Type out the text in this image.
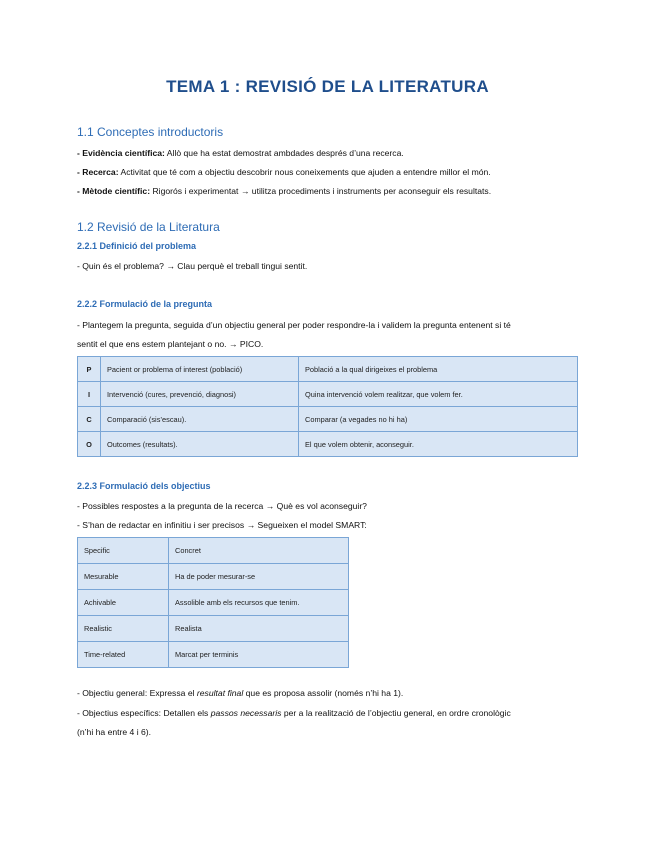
TEMA 1 : REVISIÓ DE LA LITERATURA
1.1 Conceptes introductoris
- Evidència científica: Allò que ha estat demostrat ambdades després d’una recerca.
- Recerca: Activitat que té com a objectiu descobrir nous coneixements que ajuden a entendre millor el món.
- Mètode científic: Rigorós i experimentat → utilitza procediments i instruments per aconseguir els resultats.
1.2 Revisió de la Literatura
2.2.1 Definició del problema
- Quin és el problema? → Clau perquè el treball tingui sentit.
2.2.2 Formulació de la pregunta
- Plantegem la pregunta, seguida d’un objectiu general per poder respondre-la i validem la pregunta entenent si té
sentit el que ens estem plantejant o no. → PICO.
P	Pacient or problema of interest (població)	Població a la qual dirigeixes el problema
I	Intervenció (cures, prevenció, diagnosi)	Quina intervenció volem realitzar, que volem fer.
C	Comparació (sis’escau).	Comparar (a vegades no hi ha)
O	Outcomes (resultats).	El que volem obtenir, aconseguir.
2.2.3 Formulació dels objectius
- Possibles respostes a la pregunta de la recerca → Què es vol aconseguir?
- S’han de redactar en infinitiu i ser precisos → Segueixen el model SMART:
Specific	Concret
Mesurable	Ha de poder mesurar-se
Achivable	Assolible amb els recursos que tenim.
Realistic	Realista
Time-related	Marcat per terminis
- Objectiu general: Expressa el resultat final que es proposa assolir (només n’hi ha 1).
- Objectius específics: Detallen els passos necessaris per a la realització de l’objectiu general, en ordre cronològic
(n’hi ha entre 4 i 6).
